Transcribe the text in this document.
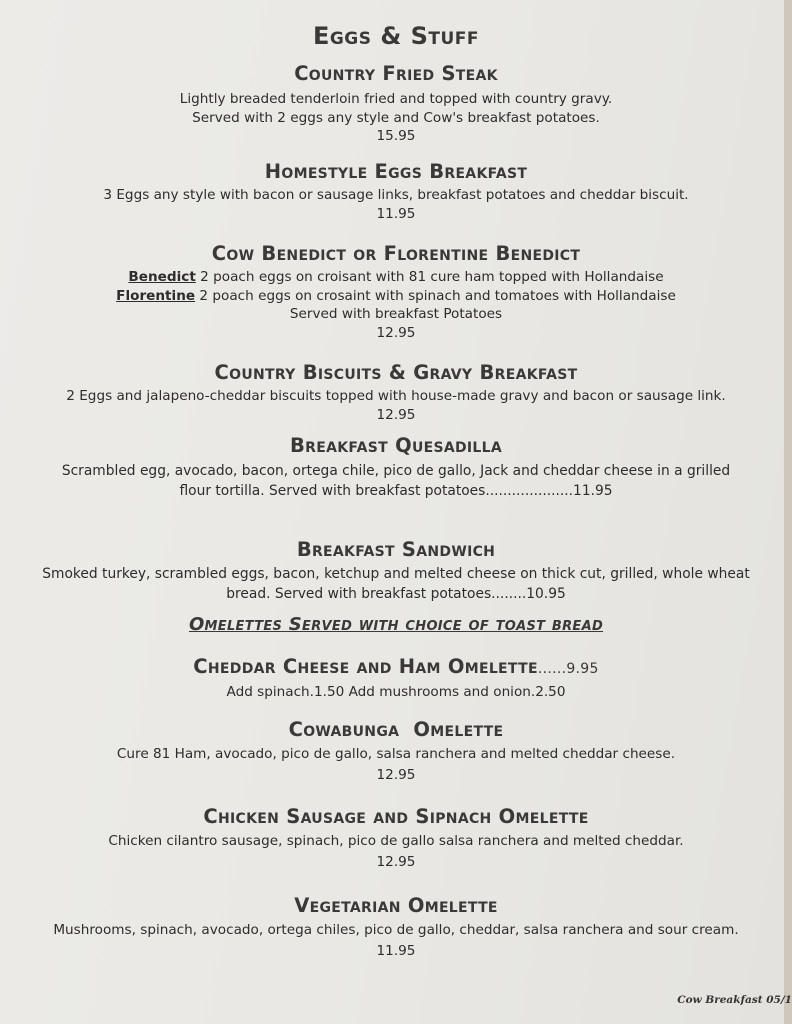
Eggs & Stuff
Country Fried Steak
Lightly breaded tenderloin fried and topped with country gravy.
Served with 2 eggs any style and Cow's breakfast potatoes.
15.95
Homestyle Eggs Breakfast
3 Eggs any style with bacon or sausage links, breakfast potatoes and cheddar biscuit.
11.95
Cow Benedict or Florentine Benedict
Benedict 2 poach eggs on croisant with 81 cure ham topped with Hollandaise
Florentine 2 poach eggs on crosaint with spinach and tomatoes with Hollandaise
Served with breakfast Potatoes
12.95
Country Biscuits & Gravy Breakfast
2 Eggs and jalapeno-cheddar biscuits topped with house-made gravy and bacon or sausage link.
12.95
Breakfast Quesadilla
Scrambled egg, avocado, bacon, ortega chile, pico de gallo, Jack and cheddar cheese in a grilled
flour tortilla. Served with breakfast potatoes....................11.95
Breakfast Sandwich
Smoked turkey, scrambled eggs, bacon, ketchup and melted cheese on thick cut, grilled, whole wheat
bread. Served with breakfast potatoes........10.95
Omelettes Served with choice of toast bread
Cheddar Cheese and Ham Omelette......9.95
Add spinach.1.50 Add mushrooms and onion.2.50
Cowabunga  Omelette
Cure 81 Ham, avocado, pico de gallo, salsa ranchera and melted cheddar cheese.
12.95
Chicken Sausage and Sipnach Omelette
Chicken cilantro sausage, spinach, pico de gallo salsa ranchera and melted cheddar.
12.95
Vegetarian Omelette
Mushrooms, spinach, avocado, ortega chiles, pico de gallo, cheddar, salsa ranchera and sour cream.
11.95
Cow Breakfast 05/1
